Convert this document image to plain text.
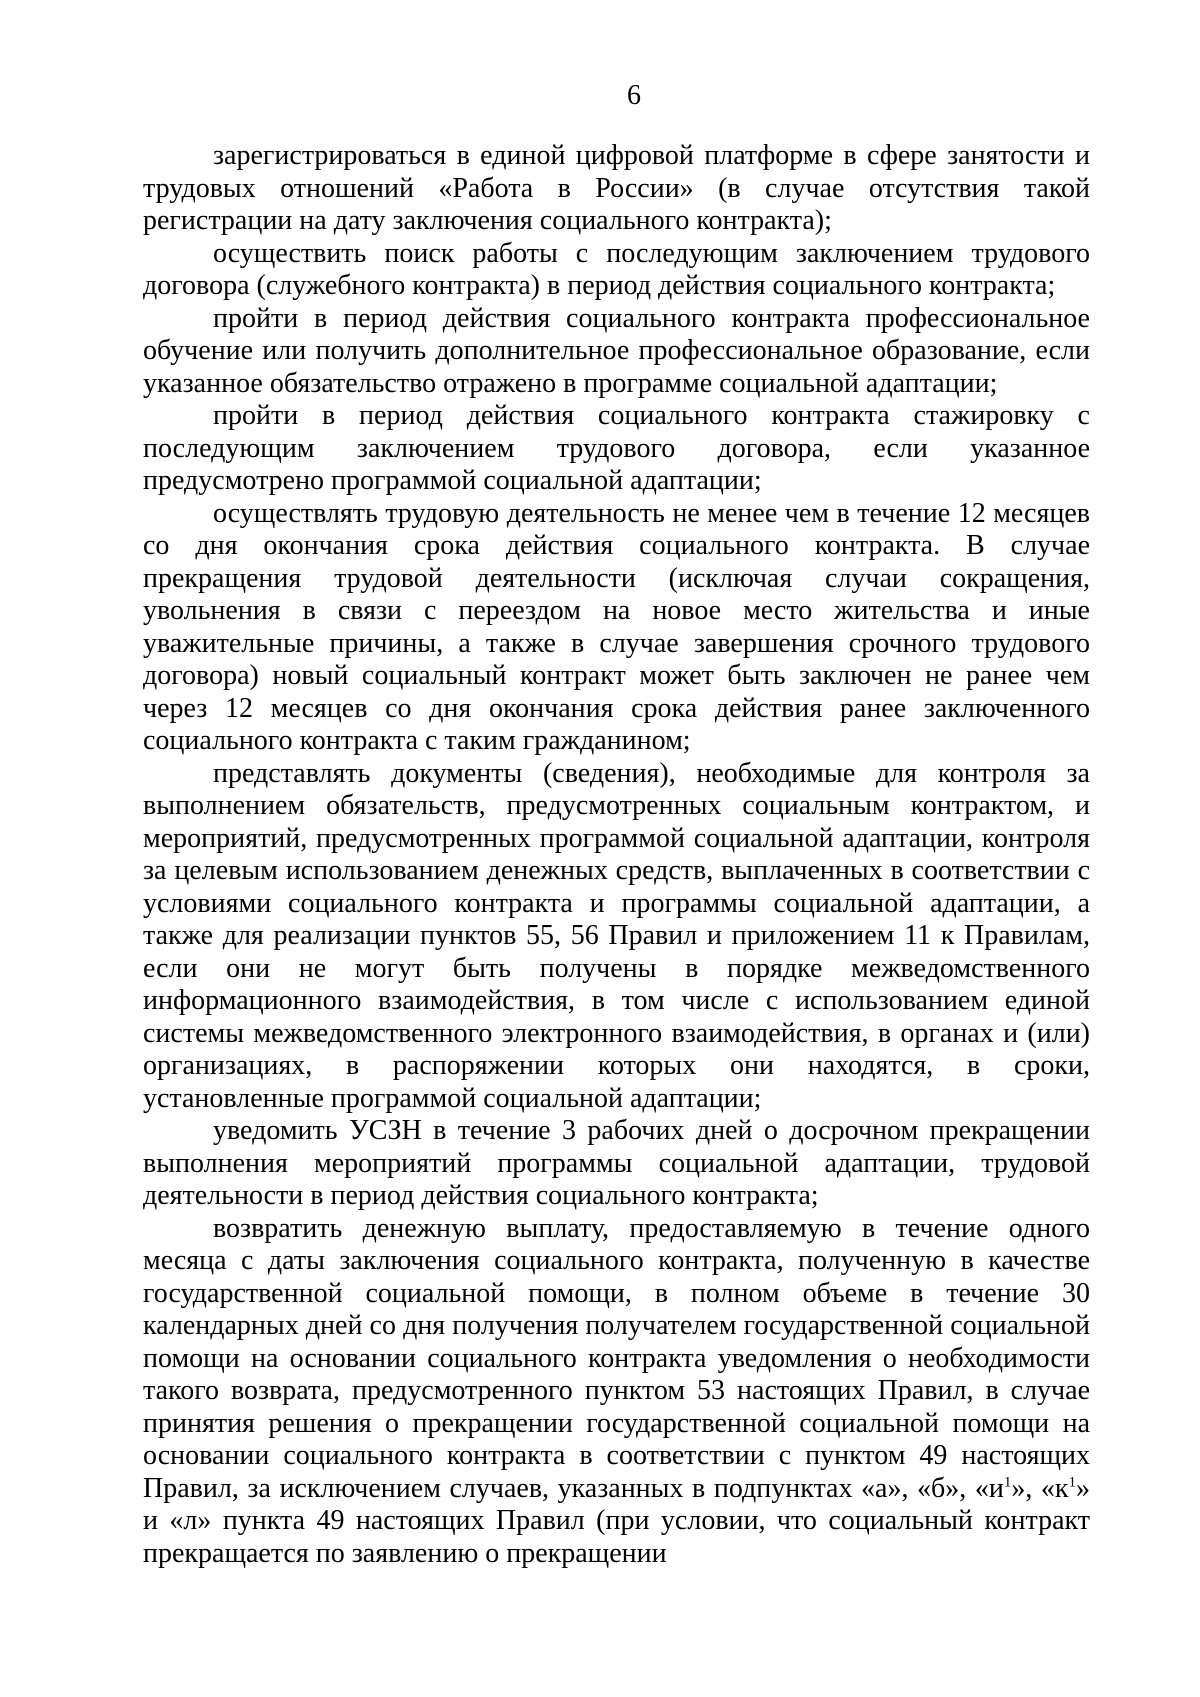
6

зарегистрироваться в единой цифровой платформе в сфере занятости и трудовых отношений «Работа в России» (в случае отсутствия такой регистрации на дату заключения социального контракта);

осуществить поиск работы с последующим заключением трудового договора (служебного контракта) в период действия социального контракта;

пройти в период действия социального контракта профессиональное обучение или получить дополнительное профессиональное образование, если указанное обязательство отражено в программе социальной адаптации;

пройти в период действия социального контракта стажировку с последующим заключением трудового договора, если указанное предусмотрено программой социальной адаптации;

осуществлять трудовую деятельность не менее чем в течение 12 месяцев со дня окончания срока действия социального контракта. В случае прекращения трудовой деятельности (исключая случаи сокращения, увольнения в связи с переездом на новое место жительства и иные уважительные причины, а также в случае завершения срочного трудового договора) новый социальный контракт может быть заключен не ранее чем через 12 месяцев со дня окончания срока действия ранее заключенного социального контракта с таким гражданином;

представлять документы (сведения), необходимые для контроля за выполнением обязательств, предусмотренных социальным контрактом, и мероприятий, предусмотренных программой социальной адаптации, контроля за целевым использованием денежных средств, выплаченных в соответствии с условиями социального контракта и программы социальной адаптации, а также для реализации пунктов 55, 56 Правил и приложением 11 к Правилам, если они не могут быть получены в порядке межведомственного информационного взаимодействия, в том числе с использованием единой системы межведомственного электронного взаимодействия, в органах и (или) организациях, в распоряжении которых они находятся, в сроки, установленные программой социальной адаптации;

уведомить УСЗН в течение 3 рабочих дней о досрочном прекращении выполнения мероприятий программы социальной адаптации, трудовой деятельности в период действия социального контракта;

возвратить денежную выплату, предоставляемую в течение одного месяца с даты заключения социального контракта, полученную в качестве государственной социальной помощи, в полном объеме в течение 30 календарных дней со дня получения получателем государственной социальной помощи на основании социального контракта уведомления о необходимости такого возврата, предусмотренного пунктом 53 настоящих Правил, в случае принятия решения о прекращении государственной социальной помощи на основании социального контракта в соответствии с пунктом 49 настоящих Правил, за исключением случаев, указанных в подпунктах «а», «б», «$и^1$», «$к^1$» и «л» пункта 49 настоящих Правил (при условии, что социальный контракт прекращается по заявлению о прекращении
